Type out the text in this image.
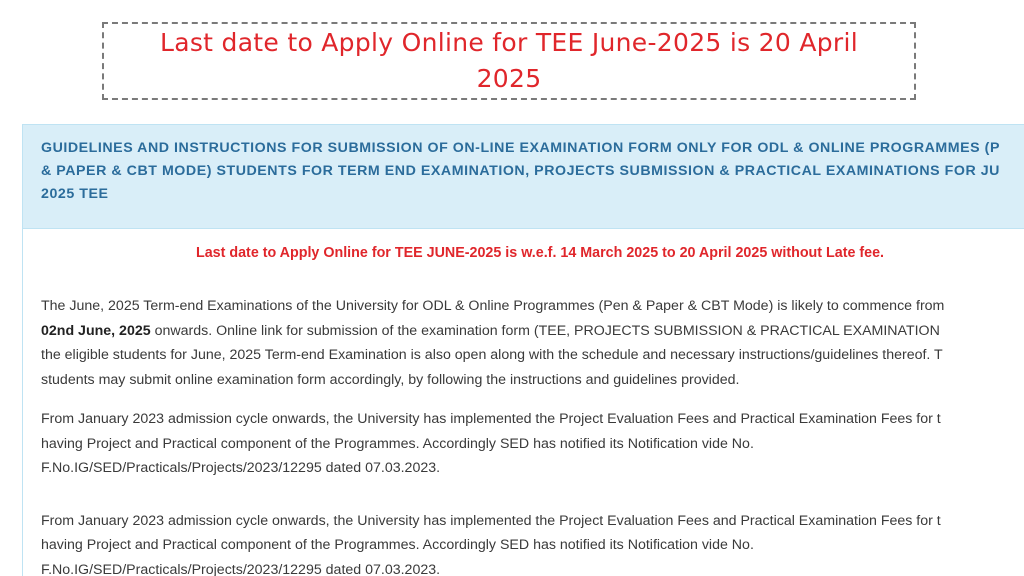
Last date to Apply Online for TEE June-2025 is 20 April 2025
GUIDELINES AND INSTRUCTIONS FOR SUBMISSION OF ON-LINE EXAMINATION FORM ONLY FOR ODL & ONLINE PROGRAMMES (P
& PAPER & CBT MODE) STUDENTS FOR TERM END EXAMINATION, PROJECTS SUBMISSION & PRACTICAL EXAMINATIONS FOR JU
2025 TEE
Last date to Apply Online for TEE JUNE-2025 is w.e.f. 14 March 2025 to 20 April 2025 without Late fee.
The June, 2025 Term-end Examinations of the University for ODL & Online Programmes (Pen & Paper & CBT Mode) is likely to commence from
02nd June, 2025 onwards. Online link for submission of the examination form (TEE, PROJECTS SUBMISSION & PRACTICAL EXAMINATION
the eligible students for June, 2025 Term-end Examination is also open along with the schedule and necessary instructions/guidelines thereof. T
students may submit online examination form accordingly, by following the instructions and guidelines provided.
From January 2023 admission cycle onwards, the University has implemented the Project Evaluation Fees and Practical Examination Fees for t
having Project and Practical component of the Programmes. Accordingly SED has notified its Notification vide No.
F.No.IG/SED/Practicals/Projects/2023/12295 dated 07.03.2023.
From January 2023 admission cycle onwards, the University has implemented the Project Evaluation Fees and Practical Examination Fees for t
having Project and Practical component of the Programmes. Accordingly SED has notified its Notification vide No.
F.No.IG/SED/Practicals/Projects/2023/12295 dated 07.03.2023.
